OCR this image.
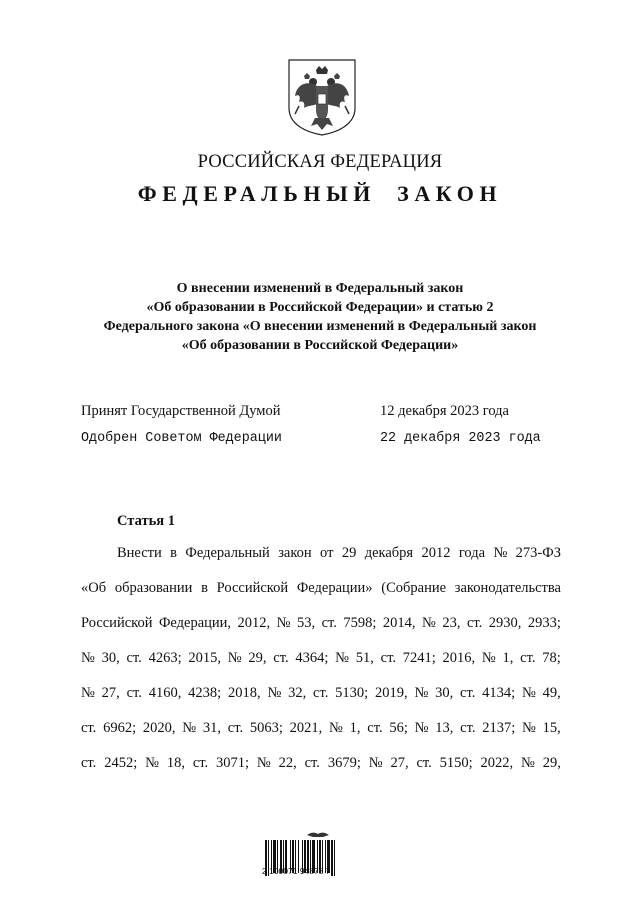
РОССИЙСКАЯ ФЕДЕРАЦИЯ
ФЕДЕРАЛЬНЫЙ ЗАКОН
О внесении изменений в Федеральный закон
«Об образовании в Российской Федерации» и статью 2
Федерального закона «О внесении изменений в Федеральный закон
«Об образовании в Российской Федерации»
Принят Государственной Думой	12 декабря 2023 года
Одобрен Советом Федерации	22 декабря 2023 года
Статья 1
Внести в Федеральный закон от 29 декабря 2012 года № 273-ФЗ
«Об образовании в Российской Федерации» (Собрание законодательства
Российской Федерации, 2012, № 53, ст. 7598; 2014, № 23, ст. 2930, 2933;
№ 30, ст. 4263; 2015, № 29, ст. 4364; № 51, ст. 7241; 2016, № 1, ст. 78;
№ 27, ст. 4160, 4238; 2018, № 32, ст. 5130; 2019, № 30, ст. 4134; № 49,
ст. 6962; 2020, № 31, ст. 5063; 2021, № 1, ст. 56; № 13, ст. 2137; № 15,
ст. 2452; № 18, ст. 3071; № 22, ст. 3679; № 27, ст. 5150; 2022, № 29,
2 100071 94878 7
